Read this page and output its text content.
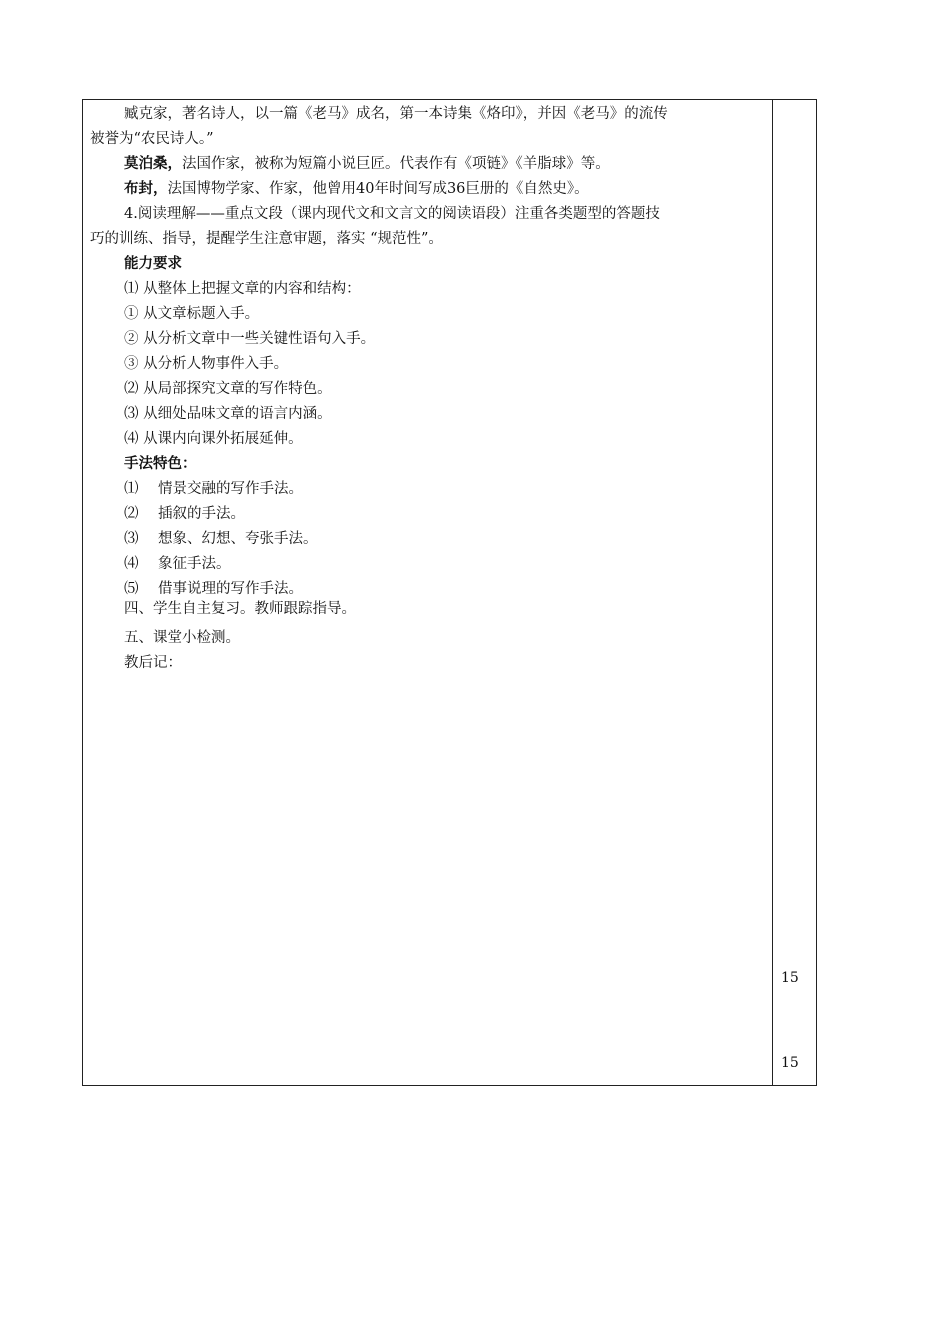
臧克家，著名诗人，以一篇《老马》成名，第一本诗集《烙印》，并因《老马》的流传
被誉为“农民诗人。”
莫泊桑，法国作家，被称为短篇小说巨匠。代表作有《项链》《羊脂球》等。
布封，法国博物学家、作家，他曾用40年时间写成36巨册的《自然史》。
4.阅读理解——重点文段（课内现代文和文言文的阅读语段）注重各类题型的答题技
巧的训练、指导，提醒学生注意审题，落实 “规范性”。
能力要求
⑴ 从整体上把握文章的内容和结构：
① 从文章标题入手。
② 从分析文章中一些关键性语句入手。
③ 从分析人物事件入手。
⑵ 从局部探究文章的写作特色。
⑶ 从细处品味文章的语言内涵。
⑷ 从课内向课外拓展延伸。
手法特色：
⑴ 情景交融的写作手法。
⑵ 插叙的手法。
⑶ 想象、幻想、夸张手法。
⑷ 象征手法。
⑸ 借事说理的写作手法。
四、学生自主复习。教师跟踪指导。
五、课堂小检测。
教后记：
15
15
